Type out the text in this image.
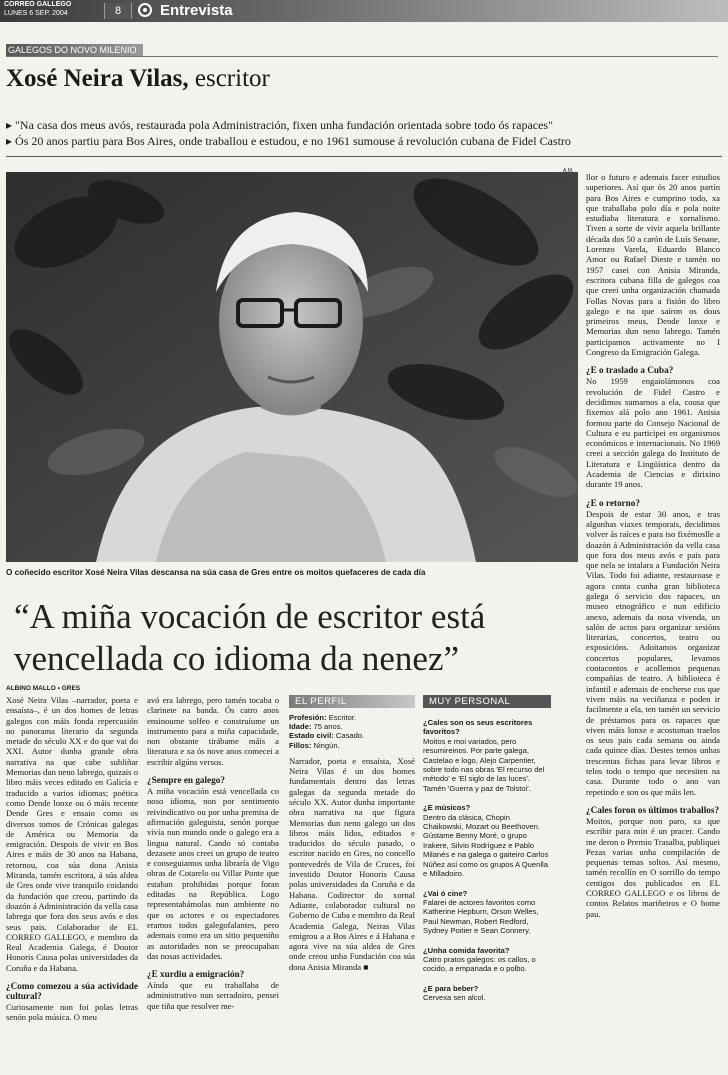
CORREO GALLEGO
LUNES 6 SEP. 2004	8	Entrevista
GALEGOS DO NOVO MILENIO
Xosé Neira Vilas, escritor
▸ "Na casa dos meus avós, restaurada pola Administración, fixen unha fundación orientada sobre todo ós rapaces"
▸ Ós 20 anos partiu para Bos Aires, onde traballou e estudou, e no 1961 sumouse á revolución cubana de Fidel Castro
A.M.
O coñecido escritor Xosé Neira Vilas descansa na súa casa de Gres entre os moitos quefaceres de cada día
“A miña vocación de escritor está vencellada co idioma da nenez”
ALBINO MALLO • GRES

Xosé Neira Vilas –narrador, poeta e ensaísta–, é un dos homes de letras galegos con máis fonda repercusión no panorama literario da segunda metade do século XX e do que vai do XXI. Autor dunha grande obra narrativa na que cabe subliñar Memorias dun neno labrego, quizais o libro máis veces editado en Galicia e traducido a varios idiomas; poética como Dende lonxe ou ó máis recente Dende Gres e ensaio como os diversos tomos de Crónicas galegas de América ou Memoria da emigración. Despois de vivir en Bos Aires e máis de 30 anos na Habana, retornou, coa súa dona Anisia Miranda, tamén escritora, á súa aldea de Gres onde vive tranquilo coidando da fundación que creou, partindo da doazón á Administración da vella casa labrega que fora dos seus avós e dos seus pais. Colaborador de EL CORREO GALLEGO, e membro da Real Academia Galega, é Doutor Honoris Causa polas universidades da Coruña e da Habana.

¿Como comezou a súa actividade cultural?

Curiosamente non foi polas letras senón pola música. O meu

avó era labrego, pero tamén tocaba o clarinete na banda. Ós catro anos ensinoume solfeo e construíume un instrumento para a miña capacidade, non obstante tirábame máis a literatura e xa ós nove anos comecei a escribir algúns versos.

¿Sempre en galego?

A miña vocación está vencellada co noso idioma, non por sentimento reivindicativo ou por unha premisa de afirmación galeguista, senón porque vivía nun mundo onde o galego era a lingua natural. Cando só contaba dezasete anos creei un grupo de teatro e conseguiamos unha libraría de Vigo obras de Cotarelo ou Villar Ponte que estaban prohibidas porque foran editadas na República. Logo representabámolas nun ambiente no que os actores e os espectadores eramos todos galegofalantes, pero ademais como era un sitio pequeniño as autoridades non se preocupaban das nosas actividades.

¿E xurdiu a emigración?

Aínda que eu traballaba de administrativo nun serradoiro, pensei que tiña que resolver me-

EL PERFIL
Profesión: Escritor.
Idade: 75 anos.
Estado civil: Casado.
Fillos: Ningún.

Narrador, poeta e ensaísta, Xosé Neira Vilas é un dos homes fundamentais dentro das letras galegas da segunda metade do século XX. Autor dunha importante obra narrativa na que figura Memorias dun neno galego un dos libros máis lidos, editados e traducidos do século pasado, o escritor nacido en Gres, no concello pontevedrés de Vila de Cruces, foi investido Doutor Honoris Causa polas universidades da Coruña e da Habana. Codirector do xornal Adiante, colaborador cultural no Goberno de Cuba e membro da Real Academia Galega, Neiras Vilas emigrou a a Bos Aires e á Habana e agora vive na súa aldea de Gres onde creou unha Fundación coa súa dona Anisia Miranda ■

MUY PERSONAL
¿Cales son os seus escritores favoritos?

Moitos e moi variados, pero resumireinos. Por parte galega, Castelao e logo, Alejo Carpentier, sobre todo nas obras 'El recurso del método' e 'El siglo de las luces'. Tamén 'Guerra y paz de Tolstoi'.

¿E músicos?

Dentro da clásica, Chopin Chaikowski, Mozart ou Beethoven. Gústame Benny Moré, o grupo Irakere, Silvio Rodríguez e Pablo Milanés e na galega o gaiteiro Carlos Núñez así como os grupos A Quenlla e Milladoiro.

¿Vai ó cine?

Falarei de actores favoritos como Katherine Hepburn, Orson Welles, Paul Newman, Robert Redford, Sydney Poitier e Sean Connery.

¿Unha comida favorita?

Catro pratos galegos: os callos, o cocido, a empanada e o polbo.

¿E para beber?

Cervexa sen alcol.

llor o futuro e ademais facer estudios superiores. Así que ós 20 anos partín para Bos Aires e cumprino todo, xa que traballaba polo día e pola noite estudiaba literatura e xornalismo. Tiven a sorte de vivir aquela brillante década dos 50 a carón de Luís Seoane, Lorenzo Varela, Eduardo Blanco Amor ou Rafael Dieste e tamén no 1957 casei con Anisia Miranda, escritora cubana filla de galegos coa que creei unha organización chamada Follas Novas para a fisión do libro galego e na que saíron os dous primeiros meus, Dende lonxe e Memorias dun neno labrego. Tamén participamos activamente no I Congreso da Emigración Galega.

¿E o traslado a Cuba?

No 1959 engaiolámonos coa revolución de Fidel Castro e decidimos sumarnos a ela, cousa que fixemos alá polo ano 1961. Anisia formou parte do Consejo Nacional de Cultura e eu participei en organismos económicos e internacionais. No 1969 creei a sección galega do Instituto de Literatura e Lingüística dentro da Academia de Ciencias e dirixino durante 19 anos.

¿E o retorno?

Despois de estar 30 anos, e tras algunhas viaxes temporais, decidimos volver ás raíces e para iso fixémoslle a doazón á Administración da vella casa que fora dos meus avós e pais para que nela se intalara a Fundación Neira Vilas. Todo foi adiante, restauroase e agora conta cunha gran biblioteca galega ó servicio dos rapaces, un museo etnográfico e nun edificio anexo, ademais da nosa vivenda, un salón de actos para organizar sesións literarias, concertos, teatro ou exposicións. Adoitamos organizar concertos populares, levamos contacontos e acollemos pequenas compañías de teatro. A biblioteca é infantil e ademais de encherse cos que viven máis na veciñanza e poden ir facilmente a ela, ten tamén un servicio de préstamos para os rapaces que viven máis lonxe e acostuman traelos os seus pais cada semana ou ainda cada quince días. Destes temos unhas trescentas fichas para levar libros e telos todo o tempo que necesiten na casa. Durante todo o ano van repetindo e son os que máis len.

¿Cales foron os últimos traballos?

Moitos, porque non paro, xa que escribir para min é un pracer. Cando me deron o Premio Trasalba, publiquei Pezas varias unha compilación de pequenas temas soltos. Así mesmo, tamén recollín en O sorrillo do tempo centigos dos publicados en EL CORREO GALLEGO e os libros de contos Relatos mariñeiros e O home pau.
